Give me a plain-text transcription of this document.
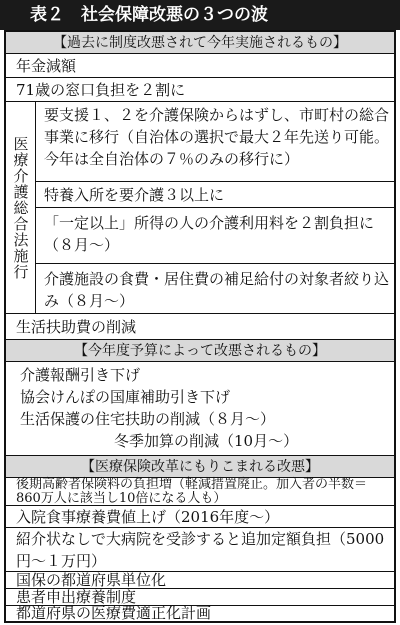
表２　社会保障改悪の３つの波
【過去に制度改悪されて今年実施されるもの】
年金減額
71歳の窓口負担を２割に
医療介護総合法施行
要支援１、２を介護保険からはずし、市町村の総合事業に移行（自治体の選択で最大２年先送り可能。今年は全自治体の７％のみの移行に）
特養入所を要介護３以上に
「一定以上」所得の人の介護利用料を２割負担に（８月～）
介護施設の食費・居住費の補足給付の対象者絞り込み（８月～）
生活扶助費の削減
【今年度予算によって改悪されるもの】
介護報酬引き下げ
協会けんぽの国庫補助引き下げ
生活保護の住宅扶助の削減（８月～）
冬季加算の削減（10月～）
【医療保険改革にもりこまれる改悪】
後期高齢者保険料の負担増（軽減措置廃止。加入者の半数＝860万人に該当し10倍になる人も）
入院食事療養費値上げ（2016年度～）
紹介状なしで大病院を受診すると追加定額負担（5000円～１万円）
国保の都道府県単位化
患者申出療養制度
都道府県の医療費適正化計画
